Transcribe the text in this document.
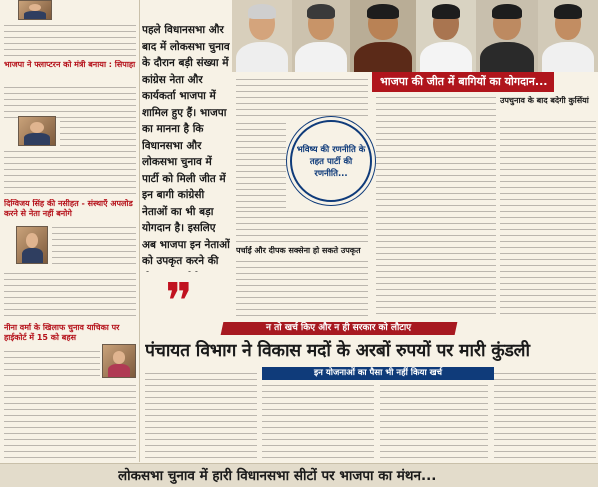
भाजपा ने फ्लाप्टरन को मंत्री बनाया : सिपाहा
दिग्विजय सिंह की नसीहत - संस्थाएँ अपलोड करने से नेता नहीं बनोगे
नीना वर्मा के खिलाफ चुनाव याचिका पर हाईकोर्ट में 15 को बहस
पहले विधानसभा और बाद में लोकसभा चुनाव के दौरान बड़ी संख्या में कांग्रेस नेता और कार्यकर्ता भाजपा में शामिल हुए हैं। भाजपा का मानना है कि विधानसभा और लोकसभा चुनाव में पार्टी को मिली जीत में इन बागी कांग्रेसी नेताओं का भी बड़ा योगदान है। इसलिए अब भाजपा इन नेताओं को उपकृत करने की
❞
भविष्य की रणनीति के तहत पार्टी की रणनीति...
पर्चाईं और दीपक सक्सेना हो सकते उपकृत
भाजपा की जीत में बागियों का योगदान...
उपचुनाव के बाद बदेगी कुर्सियां
न तो खर्च किए और न ही सरकार को लौटाए
पंचायत विभाग ने विकास मदों के अरबों रुपयों पर मारी कुंडली
इन योजनाओं का पैसा भी नहीं किया खर्च
लोकसभा चुनाव में हारी विधानसभा सीटों पर भाजपा का मंथन...
